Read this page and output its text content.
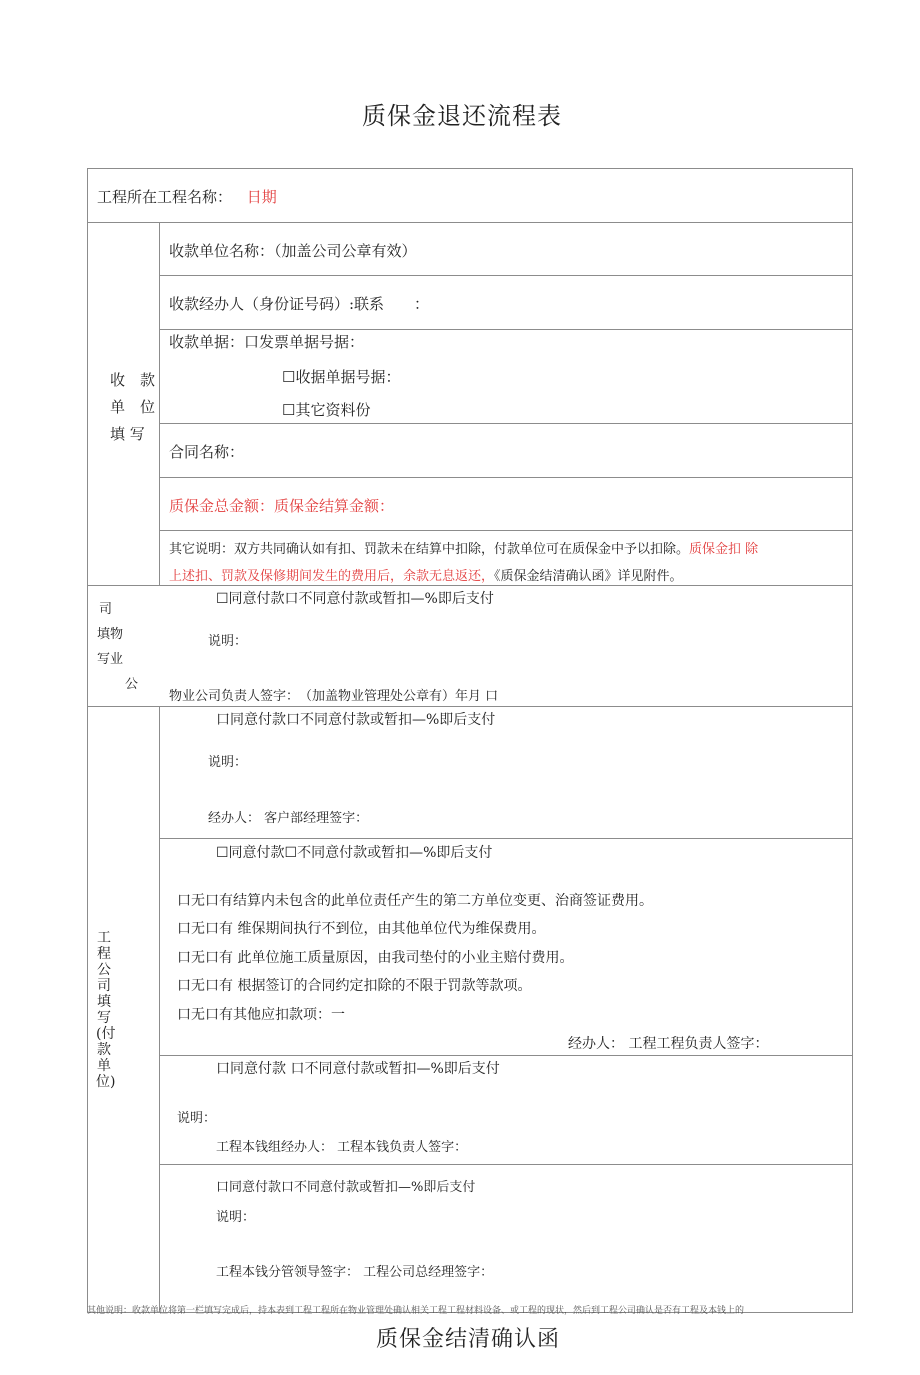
质保金退还流程表
工程所在工程名称： 日期
收　款
单　位
填 写
收款单位名称：（加盖公司公章有效）
收款经办人（身份证号码）:联系　　：
收款单据：口发票单据号据：
☐收据单据号据：
☐其它资料份
合同名称：
质保金总金额：质保金结算金额：
其它说明：双方共同确认如有扣、罚款未在结算中扣除，付款单位可在质保金中予以扣除。质保金扣 除
上述扣、罚款及保修期间发生的费用后，余款无息返还，《质保金结清确认函》详见附件。
司
填物
写业
公
☐同意付款口不同意付款或暂扣—%即后支付
说明：
物业公司负责人签字：　（加盖物业管理处公章有）年月 口
工程公司填写(付款单位)
口同意付款口不同意付款或暂扣—%即后支付
说明：
经办人： 客户部经理签字：
☐同意付款☐不同意付款或暂扣—%即后支付
口无口有结算内未包含的此单位责任产生的第二方单位变更、治商签证费用。
口无口有 维保期间执行不到位，由其他单位代为维保费用。
口无口有 此单位施工质量原因，由我司垫付的小业主赔付费用。
口无口有 根据签订的合同约定扣除的不限于罚款等款项。
口无口有其他应扣款项：一
经办人： 工程工程负责人签字：
口同意付款 口不同意付款或暂扣—%即后支付
说明：
工程本钱组经办人： 工程本钱负责人签字：
口同意付款口不同意付款或暂扣—%即后支付
说明：
工程本钱分管领导签字： 工程公司总经理签字：
其他说明：收款单位将第一栏填写完成后，持本表到工程工程所在物业管理处确认相关工程工程材料设备、或工程的现状，然后到工程公司确认是否有工程及本钱上的
质保金结清确认函
